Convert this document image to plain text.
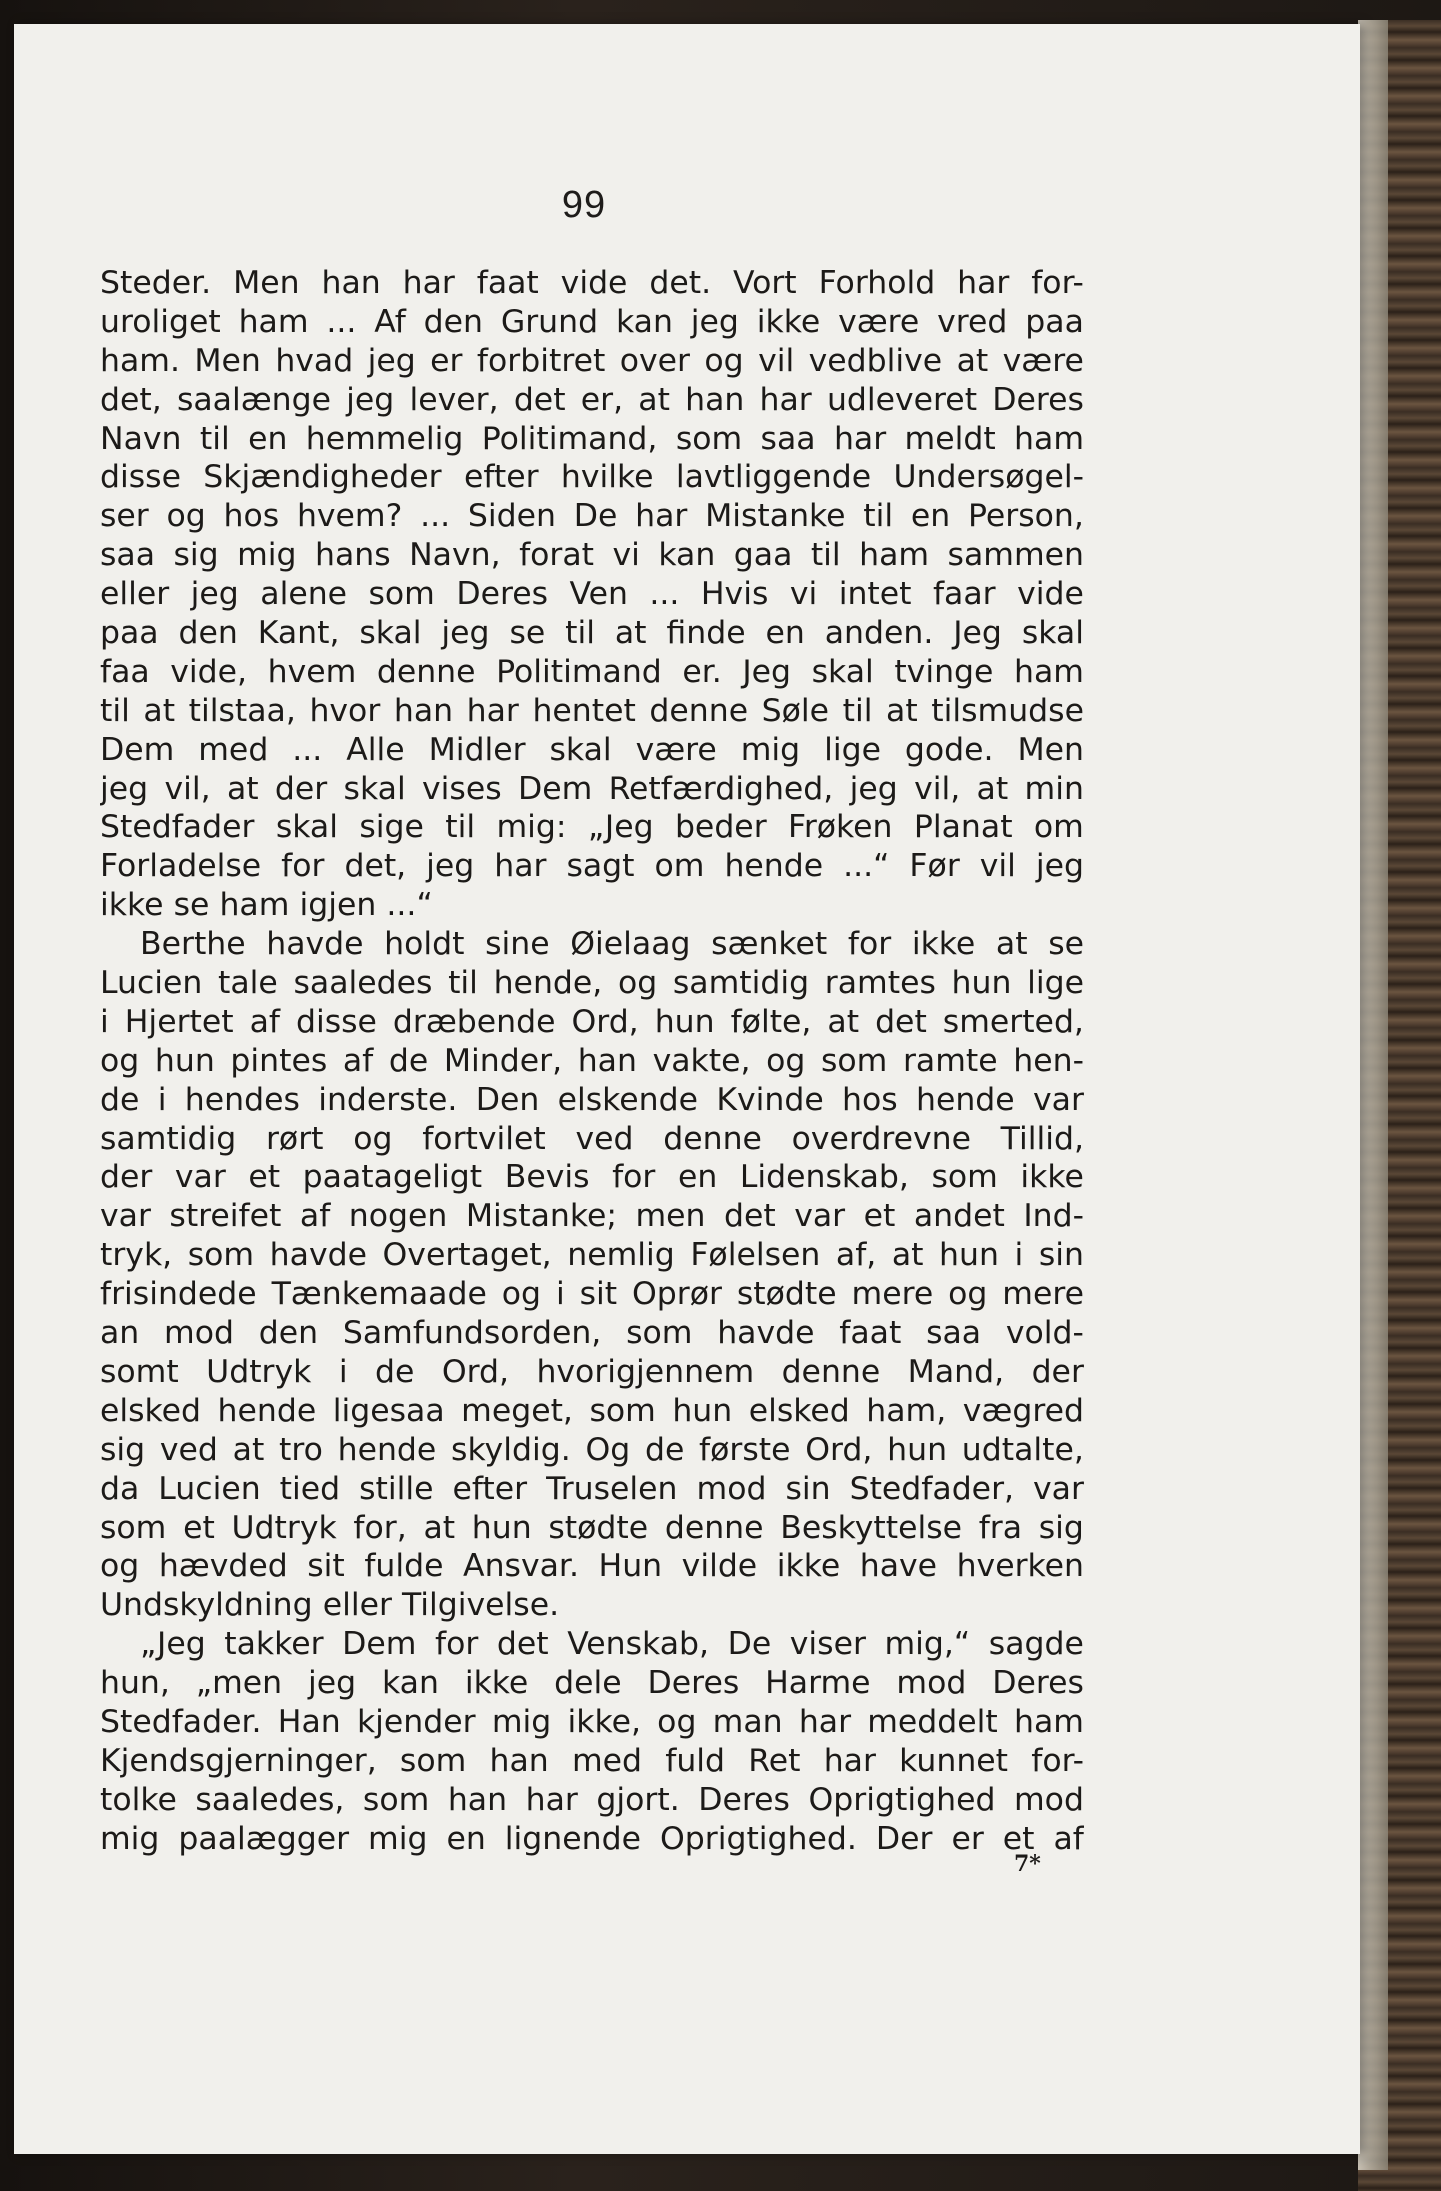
99
Steder. Men han har faat vide det. Vort Forhold har for-
uroliget ham ... Af den Grund kan jeg ikke være vred paa
ham. Men hvad jeg er forbitret over og vil vedblive at være
det, saalænge jeg lever, det er, at han har udleveret Deres
Navn til en hemmelig Politimand, som saa har meldt ham
disse Skjændigheder efter hvilke lavtliggende Undersøgel-
ser og hos hvem? ... Siden De har Mistanke til en Person,
saa sig mig hans Navn, forat vi kan gaa til ham sammen
eller jeg alene som Deres Ven ... Hvis vi intet faar vide
paa den Kant, skal jeg se til at finde en anden. Jeg skal
faa vide, hvem denne Politimand er. Jeg skal tvinge ham
til at tilstaa, hvor han har hentet denne Søle til at tilsmudse
Dem med ... Alle Midler skal være mig lige gode. Men
jeg vil, at der skal vises Dem Retfærdighed, jeg vil, at min
Stedfader skal sige til mig: „Jeg beder Frøken Planat om
Forladelse for det, jeg har sagt om hende ...“ Før vil jeg
ikke se ham igjen ...“
Berthe havde holdt sine Øielaag sænket for ikke at se
Lucien tale saaledes til hende, og samtidig ramtes hun lige
i Hjertet af disse dræbende Ord, hun følte, at det smerted,
og hun pintes af de Minder, han vakte, og som ramte hen-
de i hendes inderste. Den elskende Kvinde hos hende var
samtidig rørt og fortvilet ved denne overdrevne Tillid,
der var et paatageligt Bevis for en Lidenskab, som ikke
var streifet af nogen Mistanke; men det var et andet Ind-
tryk, som havde Overtaget, nemlig Følelsen af, at hun i sin
frisindede Tænkemaade og i sit Oprør stødte mere og mere
an mod den Samfundsorden, som havde faat saa vold-
somt Udtryk i de Ord, hvorigjennem denne Mand, der
elsked hende ligesaa meget, som hun elsked ham, vægred
sig ved at tro hende skyldig. Og de første Ord, hun udtalte,
da Lucien tied stille efter Truselen mod sin Stedfader, var
som et Udtryk for, at hun stødte denne Beskyttelse fra sig
og hævded sit fulde Ansvar. Hun vilde ikke have hverken
Undskyldning eller Tilgivelse.
„Jeg takker Dem for det Venskab, De viser mig,“ sagde
hun, „men jeg kan ikke dele Deres Harme mod Deres
Stedfader. Han kjender mig ikke, og man har meddelt ham
Kjendsgjerninger, som han med fuld Ret har kunnet for-
tolke saaledes, som han har gjort. Deres Oprigtighed mod
mig paalægger mig en lignende Oprigtighed. Der er et af
7*
